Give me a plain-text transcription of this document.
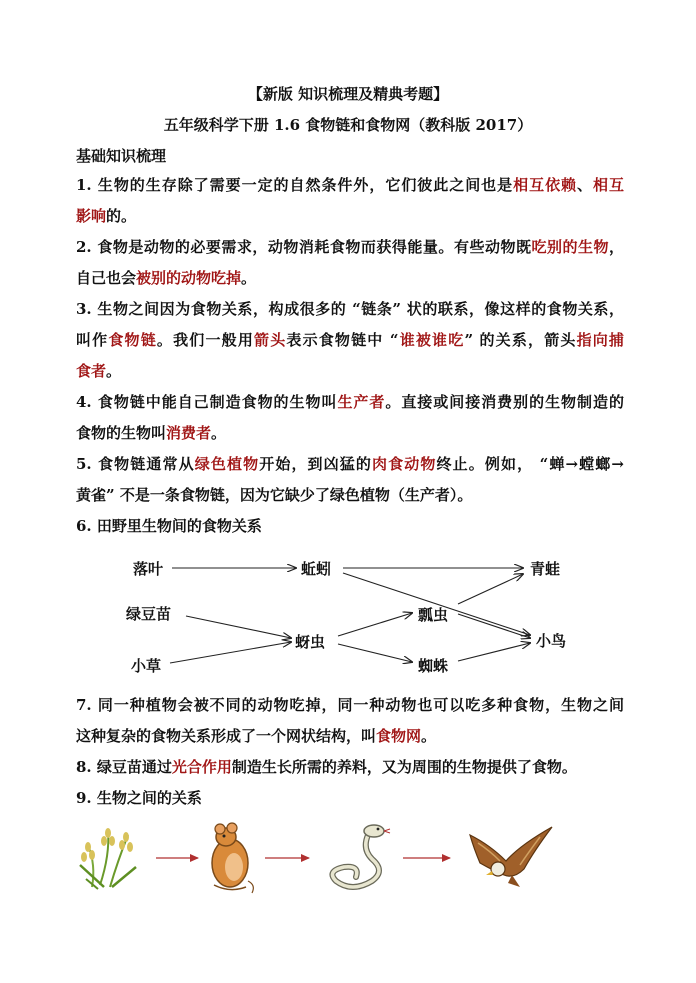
【新版 知识梳理及精典考题】
五年级科学下册 1.6 食物链和食物网（教科版 2017）
基础知识梳理
1. 生物的生存除了需要一定的自然条件外，它们彼此之间也是相互依赖、相互
影响的。
2. 食物是动物的必要需求，动物消耗食物而获得能量。有些动物既吃别的生物，
自己也会被别的动物吃掉。
3. 生物之间因为食物关系，构成很多的 “链条” 状的联系，像这样的食物关系，
叫作食物链。我们一般用箭头表示食物链中 “谁被谁吃” 的关系，箭头指向捕
食者。
4. 食物链中能自己制造食物的生物叫生产者。直接或间接消费别的生物制造的
食物的生物叫消费者。
5. 食物链通常从绿色植物开始，到凶猛的肉食动物终止。例如， “蝉→螳螂→
黄雀” 不是一条食物链，因为它缺少了绿色植物（生产者）。
6. 田野里生物间的食物关系
落叶	蚯蚓	青蛙
绿豆苗	瓢虫
蚜虫	小鸟
小草	蜘蛛
7. 同一种植物会被不同的动物吃掉，同一种动物也可以吃多种食物，生物之间
这种复杂的食物关系形成了一个网状结构，叫食物网。
8. 绿豆苗通过光合作用制造生长所需的养料，又为周围的生物提供了食物。
9. 生物之间的关系
